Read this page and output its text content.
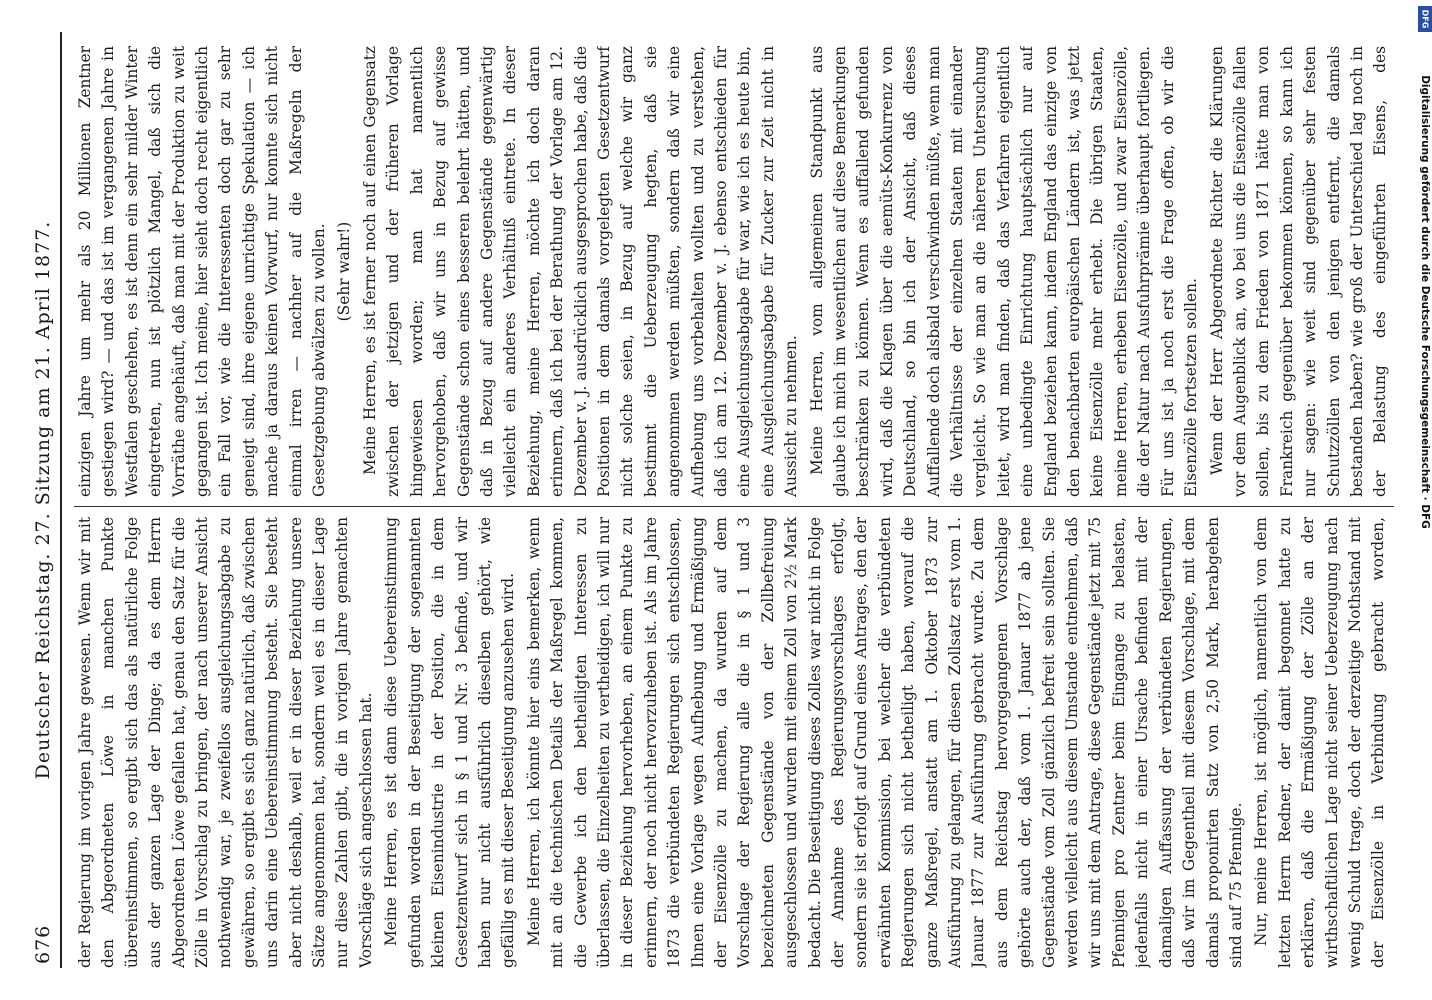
676
Deutscher Reichstag. 27. Sitzung am 21. April 1877. der Regierung im vorigen Jahre gewesen. Wenn wir mit den Abgeordneten Löwe in manchen Punkte übereinstimmen, so ergibt sich das als natürliche Folge aus der ganzen Lage der Dinge; da es dem Herrn Abgeordneten Löwe gefallen hat, genau den Satz für die Zölle in Vorschlag zu bringen, der nach unserer Ansicht nothwendig war, je zweifellos ausgleichungsabgabe zu gewähren, so ergibt es sich ganz natürlich, daß zwischen uns darin eine Uebereinstimmung besteht. Sie besteht aber nicht deshalb, weil er in dieser Beziehung unsere Sätze angenommen hat, sondern weil es in dieser Lage nur diese Zahlen gibt, die in vorigen Jahre gemachten Vorschläge sich angeschlossen hat. Meine Herren, es ist dann diese Uebereinstimmung gefunden worden in der Beseitigung der sogenannten kleinen Eisenindustrie in der Position, die in dem Gesetzentwurf sich in § 1 und Nr. 3 befinde, und wir haben nur nicht ausführlich dieselben gehört, wie gefällig es mit dieser Beseitigung anzusehen wird. Meine Herren, ich könnte hier eins bemerken, wenn mit an die technischen Details der Maßregel kommen, die Gewerbe ich den betheiligten Interessen zu überlassen, die Einzelheiten zu vertheidigen, ich will nur in dieser Beziehung hervorheben, an einem Punkte zu erinnern, der noch nicht hervorzuheben ist. Als im Jahre 1873 die verbündeten Regierungen sich entschlossen, Ihnen eine Vorlage wegen Aufhebung und Ermäßigung der Eisenzölle zu machen, da wurden auf dem Vorschlage der Regierung alle die in § 1 und 3 bezeichneten Gegenstände von der Zollbefreiung ausgeschlossen und wurden mit einem Zoll von 2½ Mark bedacht. Die Beseitigung dieses Zolles war nicht in Folge der Annahme des Regierungsvorschlages erfolgt, sondern sie ist erfolgt auf Grund eines Antrages, den der erwähnten Kommission, bei welcher die verbündeten Regierungen sich nicht betheiligt haben, worauf die ganze Maßregel, anstatt am 1. Oktober 1873 zur Ausführung zu gelangen, für diesen Zollsatz erst vom 1. Januar 1877 zur Ausführung gebracht wurde. Zu dem aus dem Reichstag hervorgegangenen Vorschlage gehörte auch der, daß vom 1. Januar 1877 ab jene Gegenstände vom Zoll gänzlich befreit sein sollten. Sie werden vielleicht aus diesem Umstande entnehmen, daß wir uns mit dem Antrage, diese Gegenstände jetzt mit 75 Pfennigen pro Zentner beim Eingange zu belasten, jedenfalls nicht in einer Ursache befinden mit der damaligen Auffassung der verbündeten Regierungen, daß wir im Gegentheil mit diesem Vorschlage, mit dem damals proponirten Satz von 2,50 Mark, herabgehen sind auf 75 Pfennige. Nur, meine Herren, ist möglich, namentlich von dem letzten Herrn Redner, der damit begonnet hatte zu erklären, daß die Ermäßigung der Zölle an der wirthschaftlichen Lage nicht seiner Ueberzeugung nach wenig Schuld trage, doch der derzeitige Nothstand mit der Eisenzölle in Verbindung gebracht worden,

einzigen Jahre um mehr als 20 Millionen Zentner gestiegen wird? — und das ist im vergangenen Jahre in Westfalen geschehen, es ist denn ein sehr milder Winter eingetreten, nun ist plötzlich Mangel, daß sich die Vorräthe angehäuft, daß man mit der Produktion zu weit gegangen ist. Ich meine, hier sieht doch recht eigentlich ein Fall vor, wie die Interessenten doch gar zu sehr geneigt sind, ihre eigene unrichtige Spekulation — ich mache ja daraus keinen Vorwurf, nur konnte sich nicht einmal irren — nachher auf die Maßregeln der Gesetzgebung abwälzen zu wollen. (Sehr wahr!) Meine Herren, es ist ferner noch auf einen Gegensatz zwischen der jetzigen und der früheren Vorlage hingewiesen worden; man hat namentlich hervorgehoben, daß wir uns in Bezug auf gewisse Gegenstände schon eines besseren belehrt hätten, und daß in Bezug auf andere Gegenstände gegenwärtig vielleicht ein anderes Verhältniß eintrete. In dieser Beziehung, meine Herren, möchte ich doch daran erinnern, daß ich bei der Berathung der Vorlage am 12. Dezember v. J. ausdrücklich ausgesprochen habe, daß die Positionen in dem damals vorgelegten Gesetzentwurf nicht solche seien, in Bezug auf welche wir ganz bestimmt die Ueberzeugung hegten, daß sie angenommen werden müßten, sondern daß wir eine Aufhebung uns vorbehalten wollten und zu verstehen, daß ich am 12. Dezember v. J. ebenso entschieden für eine Ausgleichungsabgabe für war, wie ich es heute bin, eine Ausgleichungsabgabe für Zucker zur Zeit nicht in Aussicht zu nehmen. Meine Herren, vom allgemeinen Standpunkt aus glaube ich mich im wesentlichen auf diese Bemerkungen beschränken zu können. Wenn es auffallend gefunden wird, daß die Klagen über die aemüts-Konkurrenz von Deutschland, so bin ich der Ansicht, daß dieses Auffallende doch alsbald verschwinden müßte, wenn man die Verhältnisse der einzelnen Staaten mit einander vergleicht. So wie man an die näheren Untersuchung leitet, wird man finden, daß das Verfahren eigentlich eine unbedingte Einrichtung hauptsächlich nur auf England beziehen kann, indem England das einzige von den benachbarten europäischen Ländern ist, was jetzt keine Eisenzölle mehr erhebt. Die übrigen Staaten, meine Herren, erheben Eisenzölle, und zwar Eisenzölle, die der Natur nach Ausfuhrprämie überhaupt fortliegen. Für uns ist ja noch erst die Frage offen, ob wir die Eisenzölle fortsetzen sollen. Wenn der Herr Abgeordnete Richter die Klärungen vor dem Augenblick an, wo bei uns die Eisenzölle fallen sollen, bis zu dem Frieden von 1871 hätte man von Frankreich gegenüber bekommen können, so kann ich nur sagen: wie weit sind gegenüber sehr festen Schutzzöllen von den jenigen entfernt, die damals bestanden haben? wie groß der Unterschied lag noch in der Belastung des eingeführten Eisens, des

Digitalisierung gefördert durch die Deutsche Forschungsgemeinschaft · DFG
DFG
